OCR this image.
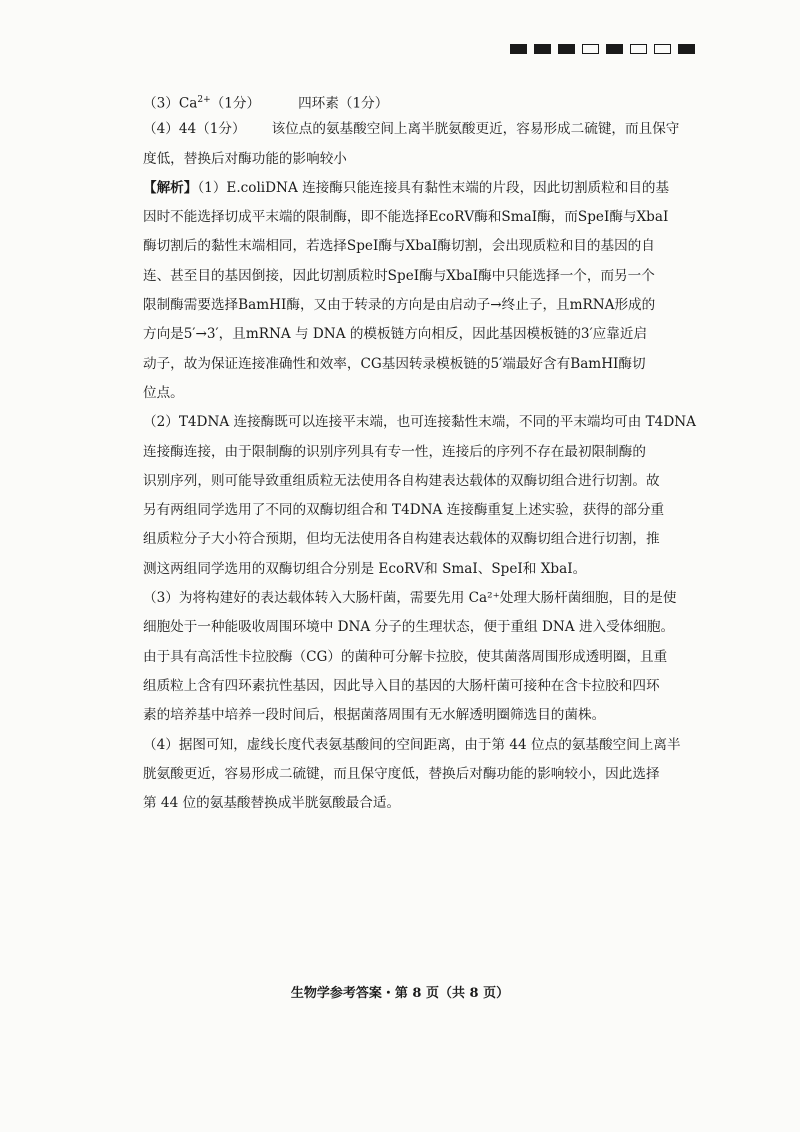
$(3)Ca^{2+}(1$分）	四环素（1分）
（4）44（1分） 该位点的氨基酸空间上离半胱氨酸更近，容易形成二硫键，而且保守
度低，替换后对酶功能的影响较小
【解析】（1）E.coliDNA 连接酶只能连接具有黏性末端的片段，因此切割质粒和目的基
因时不能选择切成平末端的限制酶，即不能选择EcoRⅤ酶和SmaⅠ酶，而SpeⅠ酶与XbaⅠ
酶切割后的黏性末端相同，若选择SpeⅠ酶与XbaⅠ酶切割，会出现质粒和目的基因的自
连、甚至目的基因倒接，因此切割质粒时SpeⅠ酶与XbaⅠ酶中只能选择一个，而另一个
限制酶需要选择BamHⅠ酶，又由于转录的方向是由启动子→终止子，且mRNA形成的
方向是5′→3′，且mRNA 与 DNA 的模板链方向相反，因此基因模板链的3′应靠近启
动子，故为保证连接准确性和效率，CG基因转录模板链的5′端最好含有BamHⅠ酶切
位点。
（2）T4DNA 连接酶既可以连接平末端，也可连接黏性末端，不同的平末端均可由 T4DNA
连接酶连接，由于限制酶的识别序列具有专一性，连接后的序列不存在最初限制酶的
识别序列，则可能导致重组质粒无法使用各自构建表达载体的双酶切组合进行切割。故
另有两组同学选用了不同的双酶切组合和 T4DNA 连接酶重复上述实验，获得的部分重
组质粒分子大小符合预期，但均无法使用各自构建表达载体的双酶切组合进行切割，推
测这两组同学选用的双酶切组合分别是 EcoRⅤ和 SmaⅠ、SpeⅠ和 XbaⅠ。
（3）为将构建好的表达载体转入大肠杆菌，需要先用 Ca²⁺处理大肠杆菌细胞，目的是使
细胞处于一种能吸收周围环境中 DNA 分子的生理状态，便于重组 DNA 进入受体细胞。
由于具有高活性卡拉胶酶（CG）的菌种可分解卡拉胶，使其菌落周围形成透明圈，且重
组质粒上含有四环素抗性基因，因此导入目的基因的大肠杆菌可接种在含卡拉胶和四环
素的培养基中培养一段时间后，根据菌落周围有无水解透明圈筛选目的菌株。
（4）据图可知，虚线长度代表氨基酸间的空间距离，由于第 44 位点的氨基酸空间上离半
胱氨酸更近，容易形成二硫键，而且保守度低，替换后对酶功能的影响较小，因此选择
第 44 位的氨基酸替换成半胱氨酸最合适。
生物学参考答案・第 8 页（共 8 页）
